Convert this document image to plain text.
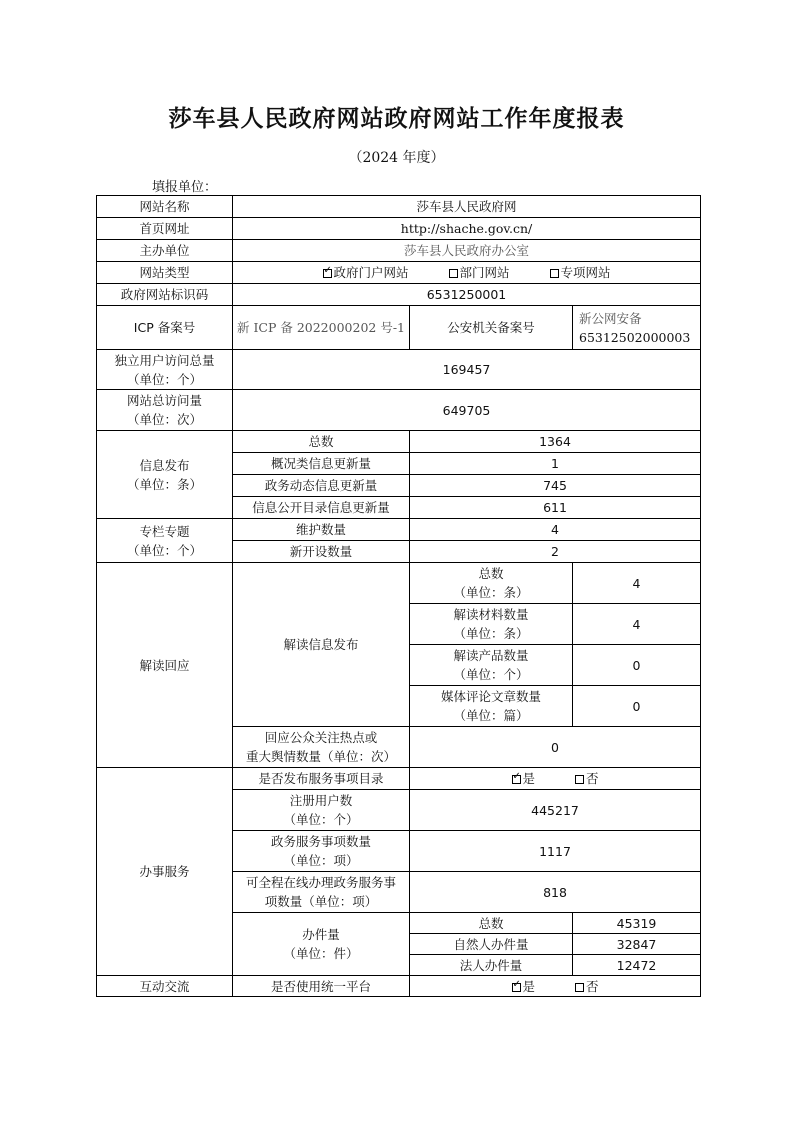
莎车县人民政府网站政府网站工作年度报表
（2024 年度）
填报单位：
网站名称	莎车县人民政府网		
首页网址	http://shache.gov.cn/		
主办单位	莎车县人民政府办公室		
网站类型	✓政府门户网站 部门网站 专项网站
政府网站标识码	6531250001		
ICP 备案号	新 ICP 备 2022000202 号-1	公安机关备案号	新公网安备
65312502000003
独立用户访问总量
（单位：个）	169457		
网站总访问量
（单位：次）	649705		
信息发布
（单位：条）	总数	1364	
	概况类信息更新量	1	
	政务动态信息更新量	745	
	信息公开目录信息更新量	611	
专栏专题
（单位：个）	维护数量	4	
	新开设数量	2	
解读回应	解读信息发布	总数
（单位：条）	4
		解读材料数量
（单位：条）	4
		解读产品数量
（单位：个）	0
		媒体评论文章数量
（单位：篇）	0
	回应公众关注热点或
重大舆情数量（单位：次）	0	
办事服务	是否发布服务事项目录	✓是 否
	注册用户数
（单位：个）	445217	
	政务服务事项数量
（单位：项）	1117	
	可全程在线办理政务服务事
项数量（单位：项）	818	
	办件量
（单位：件）	总数	45319
		自然人办件量	32847
		法人办件量	12472
互动交流	是否使用统一平台	✓是 否
